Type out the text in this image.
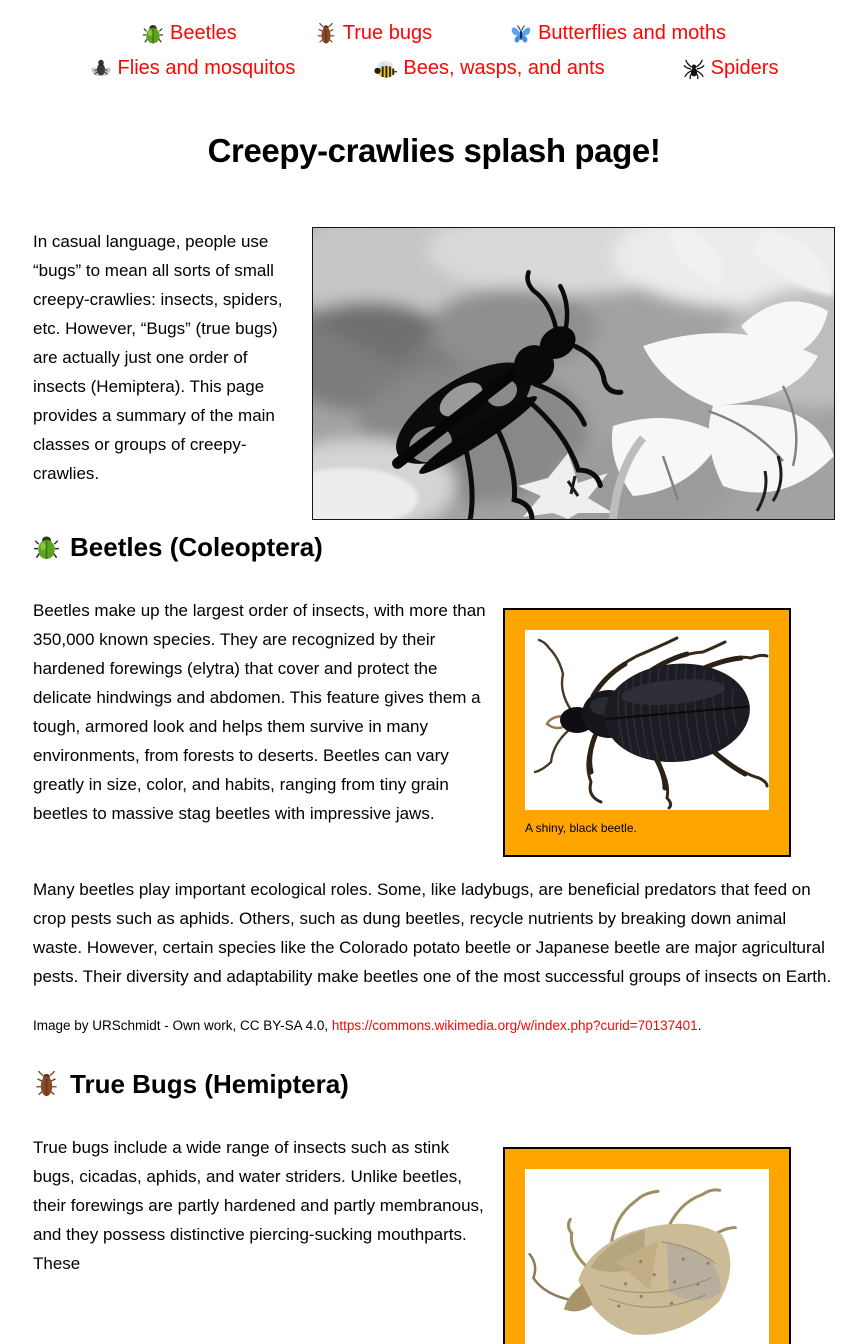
Beetles	True bugs	Butterflies and moths
Flies and mosquitos	Bees, wasps, and ants	Spiders
Creepy-crawlies splash page!

In casual language, people use “bugs” to mean all sorts of small creepy-crawlies: insects, spiders, etc. However, “Bugs” (true bugs) are actually just one order of insects (Hemiptera). This page provides a summary of the main classes or groups of creepy-crawlies.

Beetles (Coleoptera)
A shiny, black beetle.

Beetles make up the largest order of insects, with more than 350,000 known species. They are recognized by their hardened forewings (elytra) that cover and protect the delicate hindwings and abdomen. This feature gives them a tough, armored look and helps them survive in many environments, from forests to deserts. Beetles can vary greatly in size, color, and habits, ranging from tiny grain beetles to massive stag beetles with impressive jaws.

Many beetles play important ecological roles. Some, like ladybugs, are beneficial predators that feed on crop pests such as aphids. Others, such as dung beetles, recycle nutrients by breaking down animal waste. However, certain species like the Colorado potato beetle or Japanese beetle are major agricultural pests. Their diversity and adaptability make beetles one of the most successful groups of insects on Earth.

Image by URSchmidt - Own work, CC BY-SA 4.0, https://commons.wikimedia.org/w/index.php?curid=70137401.

True Bugs (Hemiptera)

True bugs include a wide range of insects such as stink bugs, cicadas, aphids, and water striders. Unlike beetles, their forewings are partly hardened and partly membranous, and they possess distinctive piercing-sucking mouthparts. These
